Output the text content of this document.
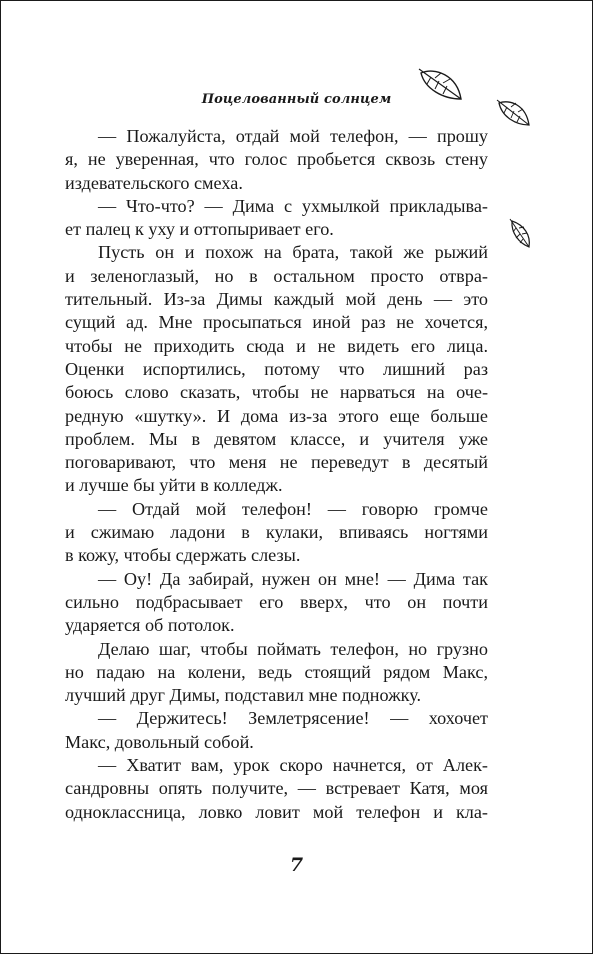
Поцелованный солнцем
— Пожалуйста, отдай мой телефон, — прошу
я, не уверенная, что голос пробьется сквозь стену
издевательского смеха.
— Что-что? — Дима с ухмылкой прикладыва-
ет палец к уху и оттопыривает его.
Пусть он и похож на брата, такой же рыжий
и зеленоглазый, но в остальном просто отвра-
тительный. Из-за Димы каждый мой день — это
сущий ад. Мне просыпаться иной раз не хочется,
чтобы не приходить сюда и не видеть его лица.
Оценки испортились, потому что лишний раз
боюсь слово сказать, чтобы не нарваться на оче-
редную «шутку». И дома из-за этого еще больше
проблем. Мы в девятом классе, и учителя уже
поговаривают, что меня не переведут в десятый
и лучше бы уйти в колледж.
— Отдай мой телефон! — говорю громче
и сжимаю ладони в кулаки, впиваясь ногтями
в кожу, чтобы сдержать слезы.
— Оу! Да забирай, нужен он мне! — Дима так
сильно подбрасывает его вверх, что он почти
ударяется об потолок.
Делаю шаг, чтобы поймать телефон, но грузно
но падаю на колени, ведь стоящий рядом Макс,
лучший друг Димы, подставил мне подножку.
— Держитесь! Землетрясение! — хохочет
Макс, довольный собой.
— Хватит вам, урок скоро начнется, от Алек-
сандровны опять получите, — встревает Катя, моя
одноклассница, ловко ловит мой телефон и кла-
7
